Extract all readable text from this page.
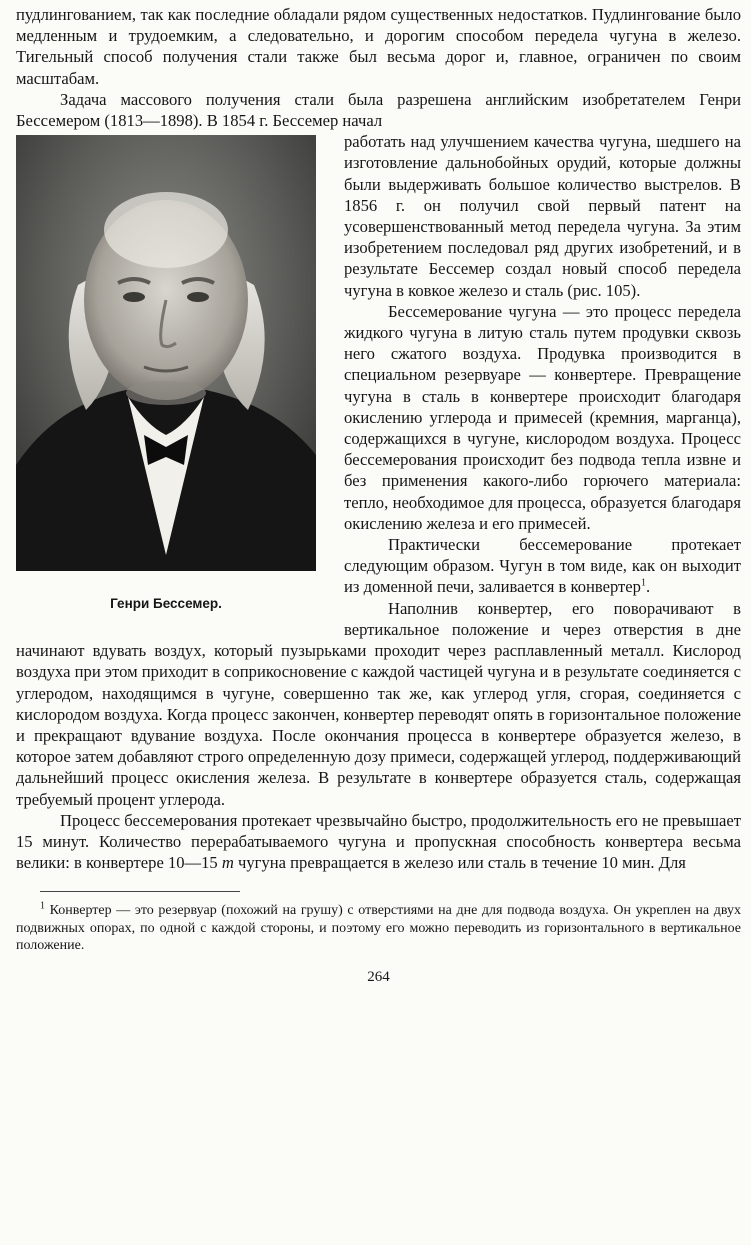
пудлингованием, так как последние обладали рядом существенных недостатков. Пудлингование было медленным и трудоемким, а следовательно, и дорогим способом передела чугуна в железо. Тигельный способ получения стали также был весьма дорог и, главное, ограничен по своим масштабам.

Задача массового получения стали была разрешена английским изобретателем Генри Бессемером (1813—1898). В 1854 г. Бессемер начал

Генри Бессемер.

работать над улучшением качества чугуна, шедшего на изготовление дальнобойных орудий, которые должны были выдерживать большое количество выстрелов. В 1856 г. он получил свой первый патент на усовершенствованный метод передела чугуна. За этим изобретением последовал ряд других изобретений, и в результате Бессемер создал новый способ передела чугуна в ковкое железо и сталь (рис. 105).

Бессемерование чугуна — это процесс передела жидкого чугуна в литую сталь путем продувки сквозь него сжатого воздуха. Продувка производится в специальном резервуаре — конвертере. Превращение чугуна в сталь в конвертере происходит благодаря окислению углерода и примесей (кремния, марганца), содержащихся в чугуне, кислородом воздуха. Процесс бессемерования происходит без подвода тепла извне и без применения какого-либо горючего материала: тепло, необходимое для процесса, образуется благодаря окислению железа и его примесей.

Практически бессемерование протекает следующим образом. Чугун в том виде, как он выходит из доменной печи, заливается в конвертер$^1$.

Наполнив конвертер, его поворачивают в вертикальное положение и через отверстия в дне начинают вдувать воздух, который пузырьками проходит через расплавленный металл. Кислород воздуха при этом приходит в соприкосновение с каждой частицей чугуна и в результате соединяется с углеродом, находящимся в чугуне, совершенно так же, как углерод угля, сгорая, соединяется с кислородом воздуха. Когда процесс закончен, конвертер переводят опять в горизонтальное положение и прекращают вдувание воздуха. После окончания процесса в конвертере образуется железо, в которое затем добавляют строго определенную дозу примеси, содержащей углерод, поддерживающий дальнейший процесс окисления железа. В результате в конвертере образуется сталь, содержащая требуемый процент углерода.

Процесс бессемерования протекает чрезвычайно быстро, продолжительность его не превышает 15 минут. Количество перерабатываемого чугуна и пропускная способность конвертера весьма велики: в конвертере 10—15 т чугуна превращается в железо или сталь в течение 10 мин. Для

$^1$ Конвертер — это резервуар (похожий на грушу) с отверстиями на дне для подвода воздуха. Он укреплен на двух подвижных опорах, по одной с каждой стороны, и поэтому его можно переводить из горизонтального в вертикальное положение.

264
